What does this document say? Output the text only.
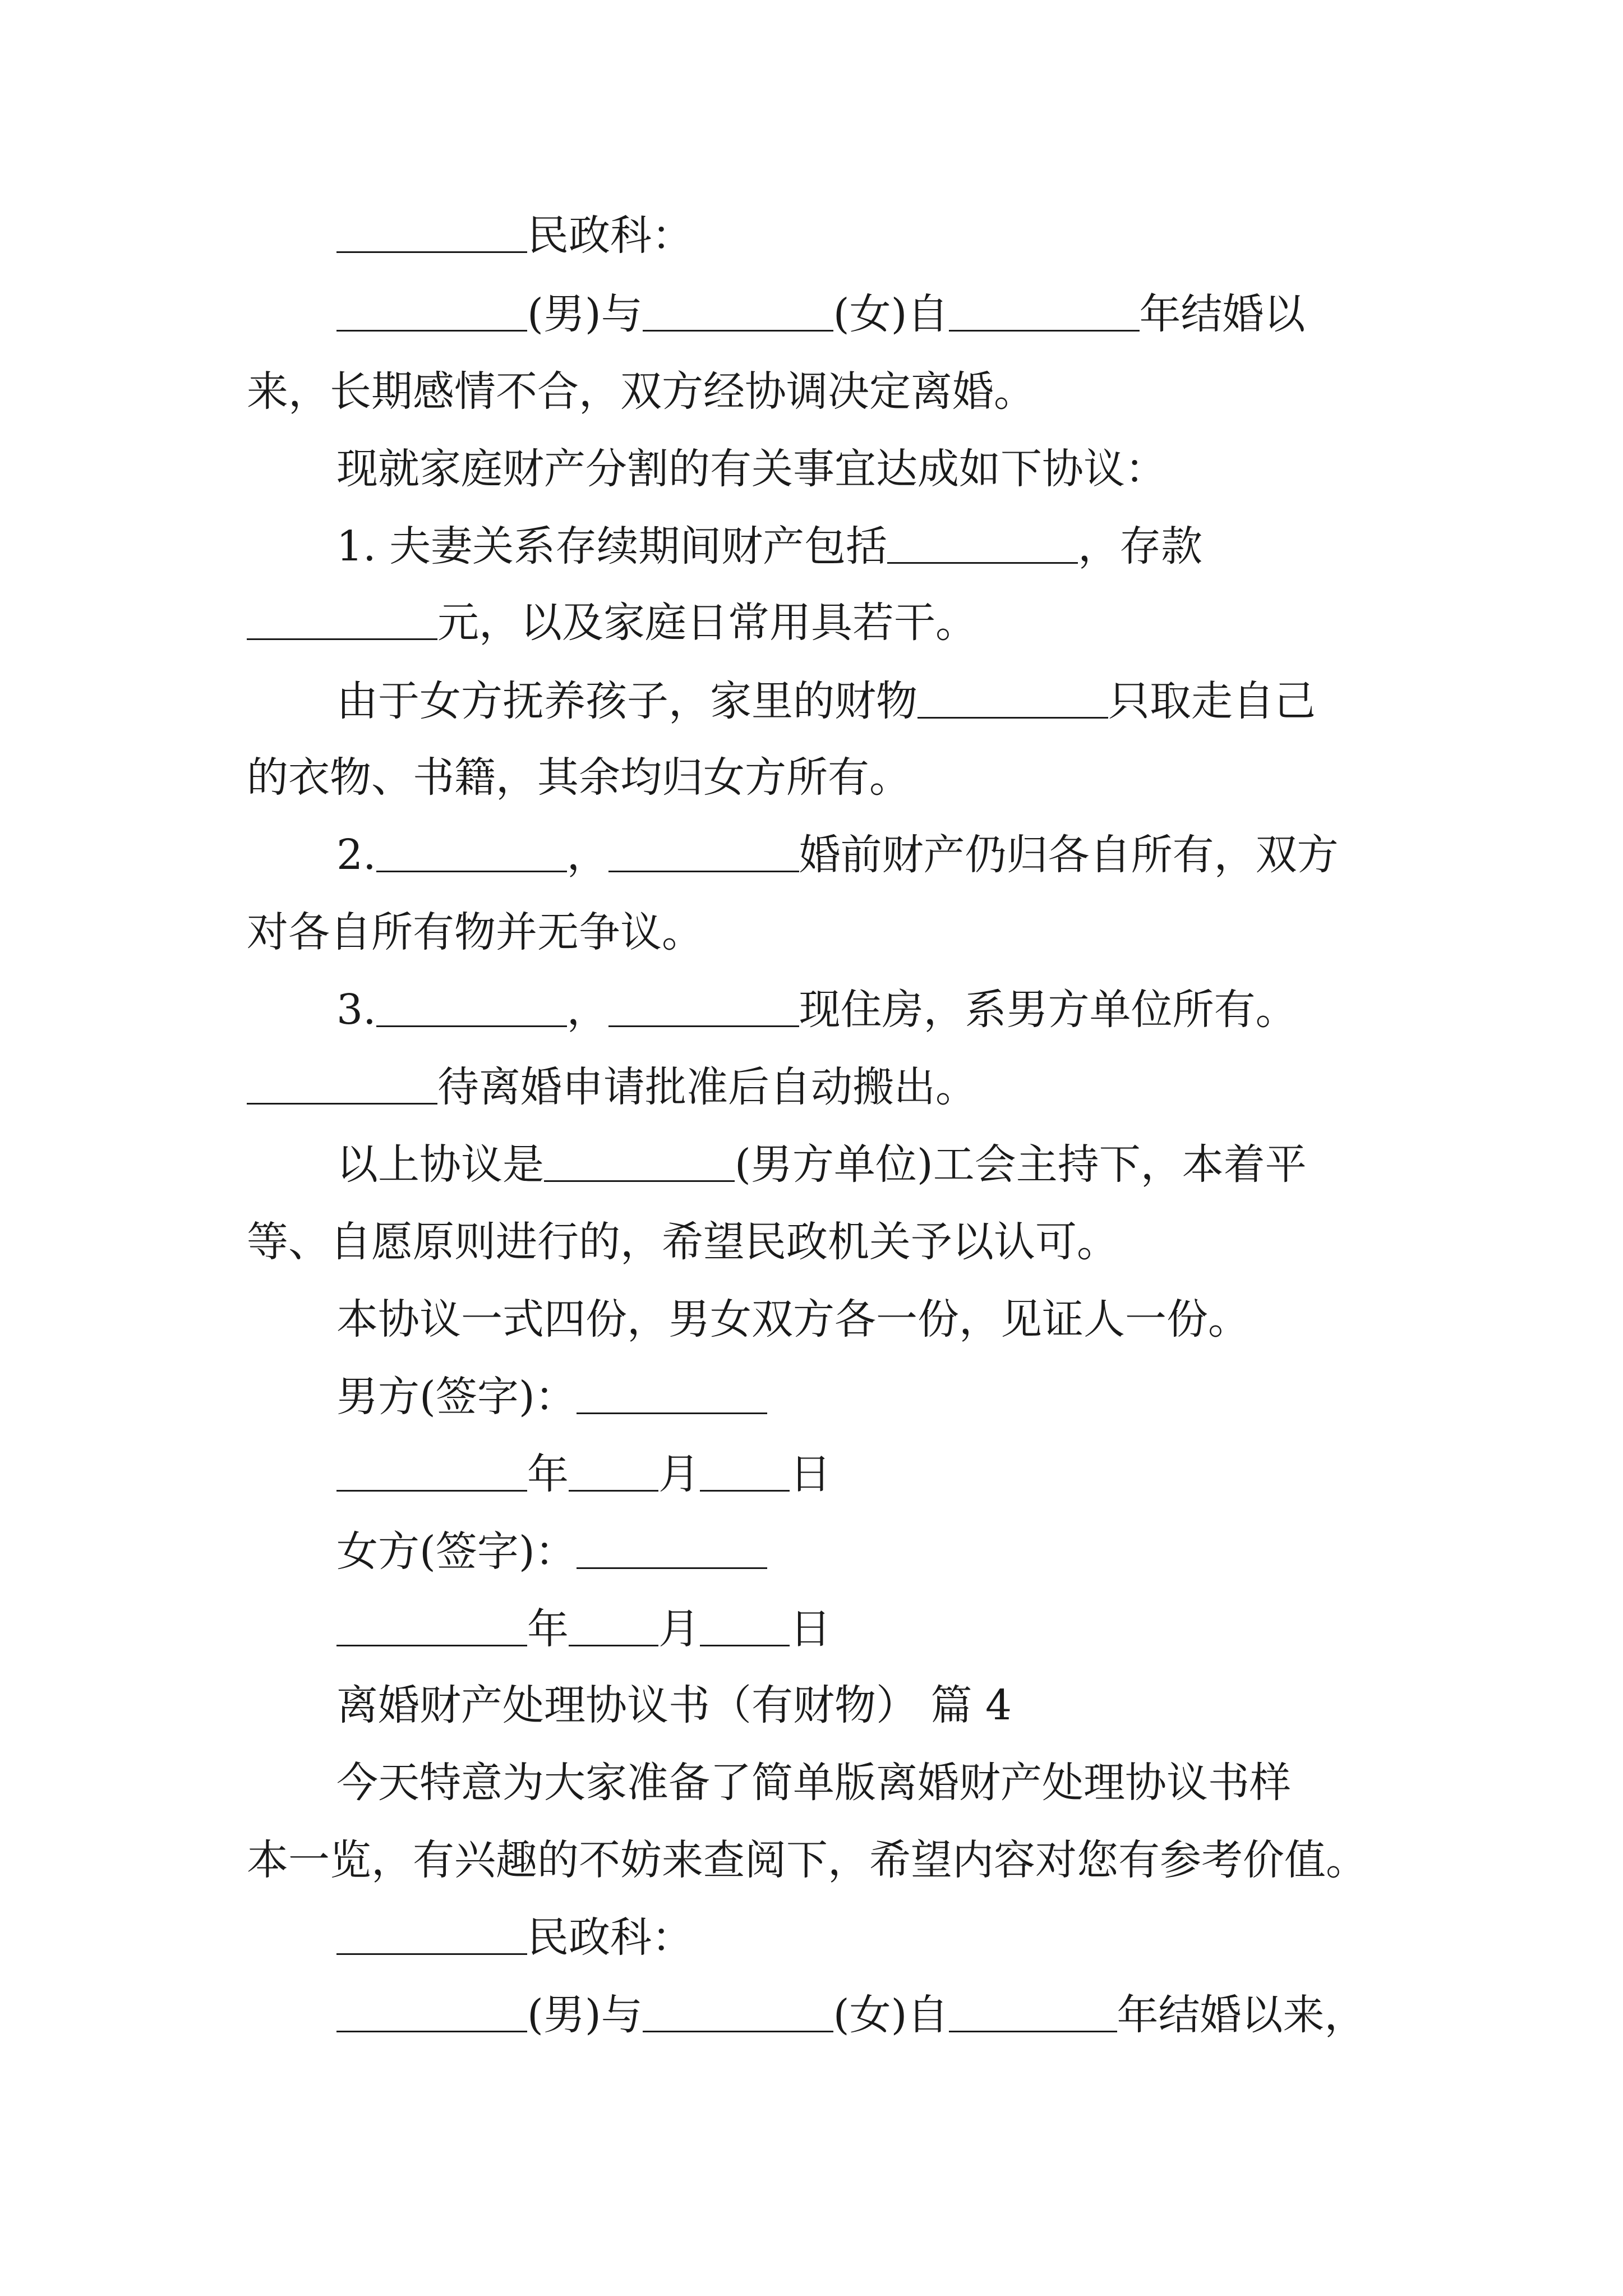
民政科：
(男)与	(女)自	年结婚以
来，长期感情不合，双方经协调决定离婚。
现就家庭财产分割的有关事宜达成如下协议：
1. 夫妻关系存续期间财产包括	，存款
元，以及家庭日常用具若干。
由于女方抚养孩子，家里的财物	只取走自己
的衣物、书籍，其余均归女方所有。
2.	，	婚前财产仍归各自所有，双方
对各自所有物并无争议。
3.	，	现住房，系男方单位所有。
待离婚申请批准后自动搬出。
以上协议是	(男方单位)工会主持下，本着平
等、自愿原则进行的，希望民政机关予以认可。
本协议一式四份，男女双方各一份，见证人一份。
男方(签字)：
年 月 日
女方(签字)：
年 月 日
离婚财产处理协议书（有财物） 篇 4
今天特意为大家准备了简单版离婚财产处理协议书样
本一览，有兴趣的不妨来查阅下，希望内容对您有参考价值。
民政科：
(男)与	(女)自	年结婚以来，
